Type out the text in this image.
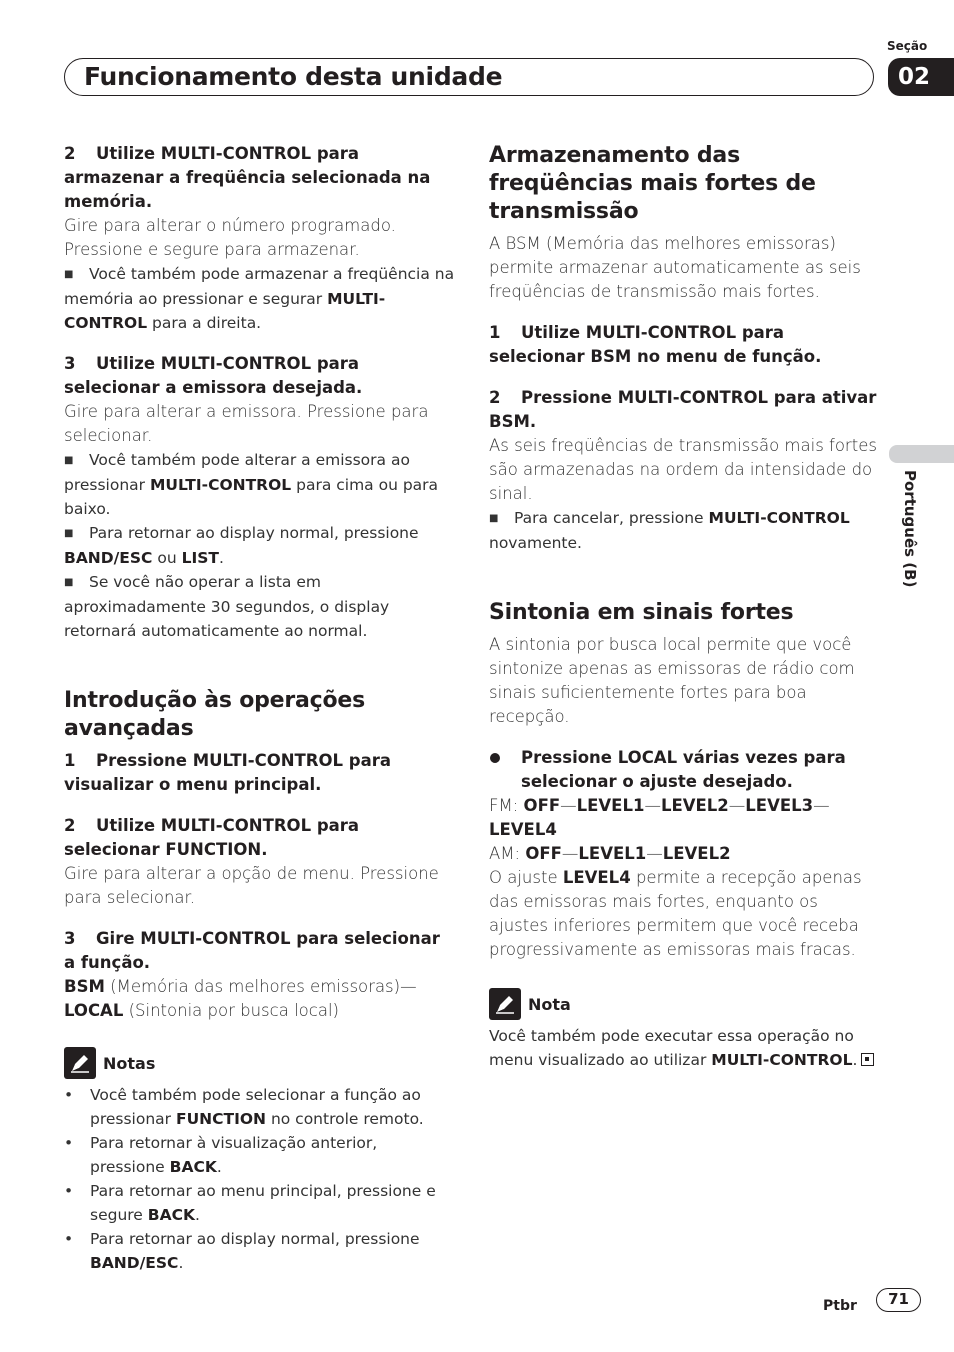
Funcionamento desta unidade
Seção
02
Português (B)

2 Utilize MULTI-CONTROL para armazenar a freqüência selecionada na memória.

Gire para alterar o número programado. Pressione e segure para armazenar.

■ Você também pode armazenar a freqüência na memória ao pressionar e segurar MULTI-CONTROL para a direita.

3 Utilize MULTI-CONTROL para selecionar a emissora desejada.

Gire para alterar a emissora. Pressione para selecionar.

■ Você também pode alterar a emissora ao pressionar MULTI-CONTROL para cima ou para baixo.

■ Para retornar ao display normal, pressione BAND/ESC ou LIST.

■ Se você não operar a lista em aproximadamente 30 segundos, o display retornará automaticamente ao normal.

Introdução às operações avançadas

1 Pressione MULTI-CONTROL para visualizar o menu principal.

2 Utilize MULTI-CONTROL para selecionar FUNCTION.

Gire para alterar a opção de menu. Pressione para selecionar.

3 Gire MULTI-CONTROL para selecionar a função.

BSM (Memória das melhores emissoras)—
LOCAL (Sintonia por busca local)

Notas
• Você também pode selecionar a função ao pressionar FUNCTION no controle remoto.
• Para retornar à visualização anterior, pressione BACK.
• Para retornar ao menu principal, pressione e segure BACK.
• Para retornar ao display normal, pressione BAND/ESC.
Armazenamento das freqüências mais fortes de transmissão

A BSM (Memória das melhores emissoras) permite armazenar automaticamente as seis freqüências de transmissão mais fortes.

1 Utilize MULTI-CONTROL para selecionar BSM no menu de função.

2 Pressione MULTI-CONTROL para ativar BSM.

As seis freqüências de transmissão mais fortes são armazenadas na ordem da intensidade do sinal.

■ Para cancelar, pressione MULTI-CONTROL novamente.

Sintonia em sinais fortes

A sintonia por busca local permite que você sintonize apenas as emissoras de rádio com sinais suficientemente fortes para boa recepção.

Pressione LOCAL várias vezes para selecionar o ajuste desejado.

FM: OFF—LEVEL1—LEVEL2—LEVEL3—
LEVEL4

AM: OFF—LEVEL1—LEVEL2

O ajuste LEVEL4 permite a recepção apenas das emissoras mais fortes, enquanto os ajustes inferiores permitem que você receba progressivamente as emissoras mais fracas.

Nota

Você também pode executar essa operação no menu visualizado ao utilizar MULTI-CONTROL.

Ptbr	71
